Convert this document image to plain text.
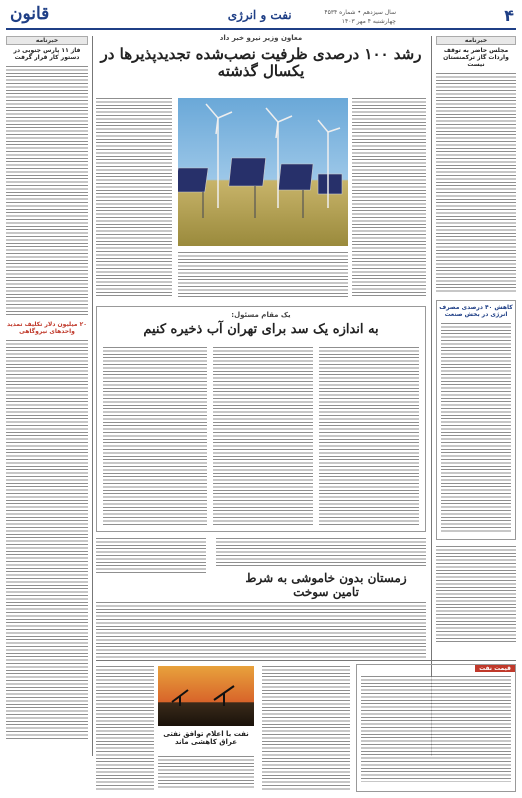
۴
نفت و انرژی	سال سیزدهم • شماره ۴۵۳۴
چهارشنبه ۴ مهر ۱۴۰۳
قانون
خبرنامه
مجلس حاضر به توقف واردات گاز ترکمنستان نیست
خبرنامه
فاز ۱۱ پارس جنوبی در دستور کار قرار گرفت
۲۰ میلیون دلار تکلیف تمدید واحدهای نیروگاهی
معاون وزیر نیرو خبر داد
رشد ۱۰۰ درصدی ظرفیت نصب‌شده تجدیدپذیرها در یکسال گذشته
یک مقام مسئول:
به اندازه یک سد برای تهران آب ذخیره کنیم
کاهش ۴۰ درصدی مصرف انرژی در بخش صنعت
زمستان بدون خاموشی به شرط تامین سوخت
قیمت نفت
نفت با اعلام توافق نفتی عراق کاهشی ماند
